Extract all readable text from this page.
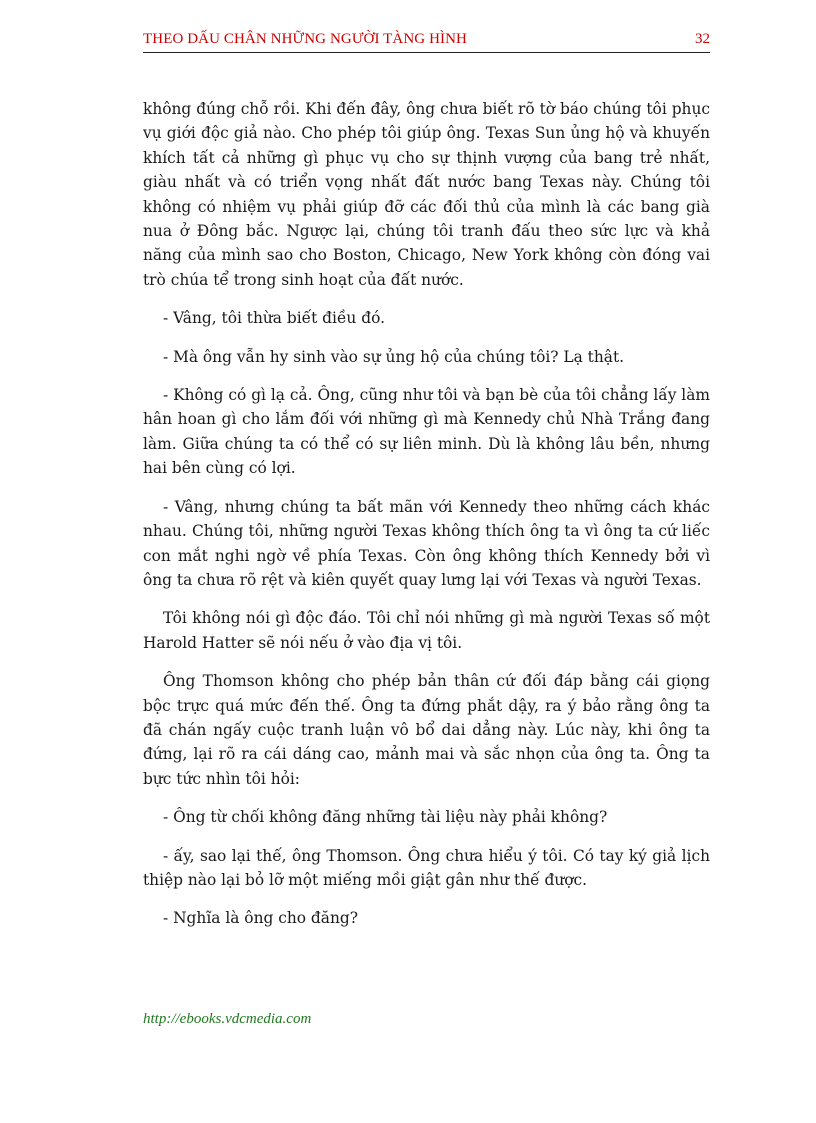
THEO DẤU CHÂN NHỮNG NGƯỜI TÀNG HÌNH	32

không đúng chỗ rồi. Khi đến đây, ông chưa biết rõ tờ báo chúng tôi phục vụ giới độc giả nào. Cho phép tôi giúp ông. Texas Sun ủng hộ và khuyến khích tất cả những gì phục vụ cho sự thịnh vượng của bang trẻ nhất, giàu nhất và có triển vọng nhất đất nước bang Texas này. Chúng tôi không có nhiệm vụ phải giúp đỡ các đối thủ của mình là các bang già nua ở Đông bắc. Ngược lại, chúng tôi tranh đấu theo sức lực và khả năng của mình sao cho Boston, Chicago, New York không còn đóng vai trò chúa tể trong sinh hoạt của đất nước.

- Vâng, tôi thừa biết điều đó.

- Mà ông vẫn hy sinh vào sự ủng hộ của chúng tôi? Lạ thật.

- Không có gì lạ cả. Ông, cũng như tôi và bạn bè của tôi chẳng lấy làm hân hoan gì cho lắm đối với những gì mà Kennedy chủ Nhà Trắng đang làm. Giữa chúng ta có thể có sự liên minh. Dù là không lâu bền, nhưng hai bên cùng có lợi.

- Vâng, nhưng chúng ta bất mãn với Kennedy theo những cách khác nhau. Chúng tôi, những người Texas không thích ông ta vì ông ta cứ liếc con mắt nghi ngờ về phía Texas. Còn ông không thích Kennedy bởi vì ông ta chưa rõ rệt và kiên quyết quay lưng lại với Texas và người Texas.

Tôi không nói gì độc đáo. Tôi chỉ nói những gì mà người Texas số một Harold Hatter sẽ nói nếu ở vào địa vị tôi.

Ông Thomson không cho phép bản thân cứ đối đáp bằng cái giọng bộc trực quá mức đến thế. Ông ta đứng phắt dậy, ra ý bảo rằng ông ta đã chán ngấy cuộc tranh luận vô bổ dai dẳng này. Lúc này, khi ông ta đứng, lại rõ ra cái dáng cao, mảnh mai và sắc nhọn của ông ta. Ông ta bực tức nhìn tôi hỏi:

- Ông từ chối không đăng những tài liệu này phải không?

- ấy, sao lại thế, ông Thomson. Ông chưa hiểu ý tôi. Có tay ký giả lịch thiệp nào lại bỏ lỡ một miếng mồi giật gân như thế được.

- Nghĩa là ông cho đăng?

http://ebooks.vdcmedia.com
